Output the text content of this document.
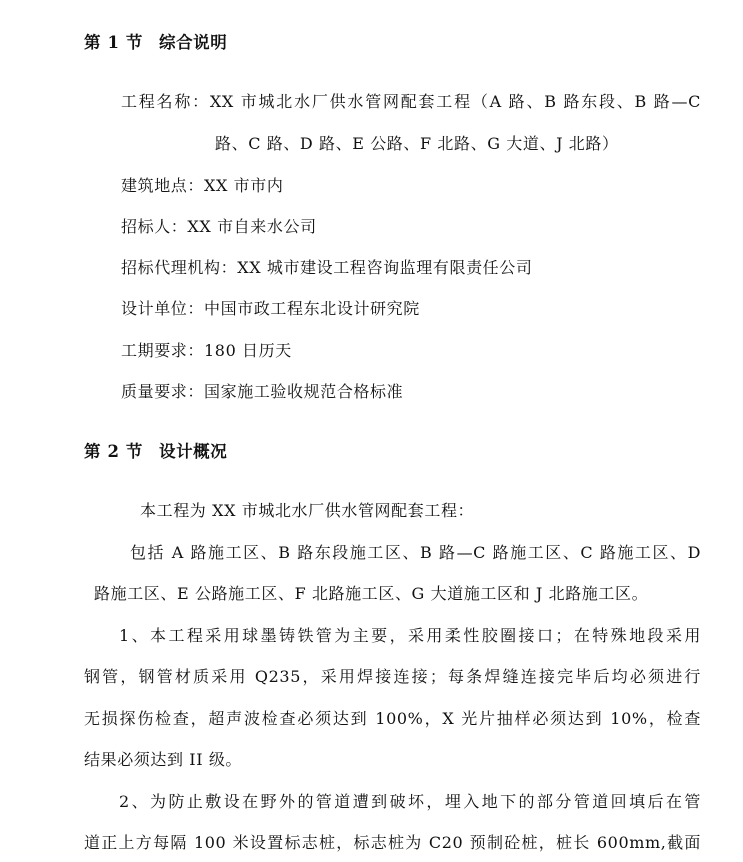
第 1 节 综合说明
工程名称：XX 市城北水厂供水管网配套工程（A 路、B 路东段、B 路—C
路、C 路、D 路、E 公路、F 北路、G 大道、J 北路）
建筑地点：XX 市市内
招标人：XX 市自来水公司
招标代理机构：XX 城市建设工程咨询监理有限责任公司
设计单位：中国市政工程东北设计研究院
工期要求：180 日历天
质量要求：国家施工验收规范合格标准
第 2 节 设计概况
本工程为 XX 市城北水厂供水管网配套工程：
包括 A 路施工区、B 路东段施工区、B 路—C 路施工区、C 路施工区、D
路施工区、E 公路施工区、F 北路施工区、G 大道施工区和 J 北路施工区。
1、本工程采用球墨铸铁管为主要，采用柔性胶圈接口；在特殊地段采用
钢管，钢管材质采用 Q235，采用焊接连接；每条焊缝连接完毕后均必须进行
无损探伤检查，超声波检查必须达到 100%，X 光片抽样必须达到 10%，检查
结果必须达到 II 级。
2、为防止敷设在野外的管道遭到破坏，埋入地下的部分管道回填后在管
道正上方每隔 100 米设置标志桩，标志桩为 C20 预制砼桩，桩长 600mm,截面
